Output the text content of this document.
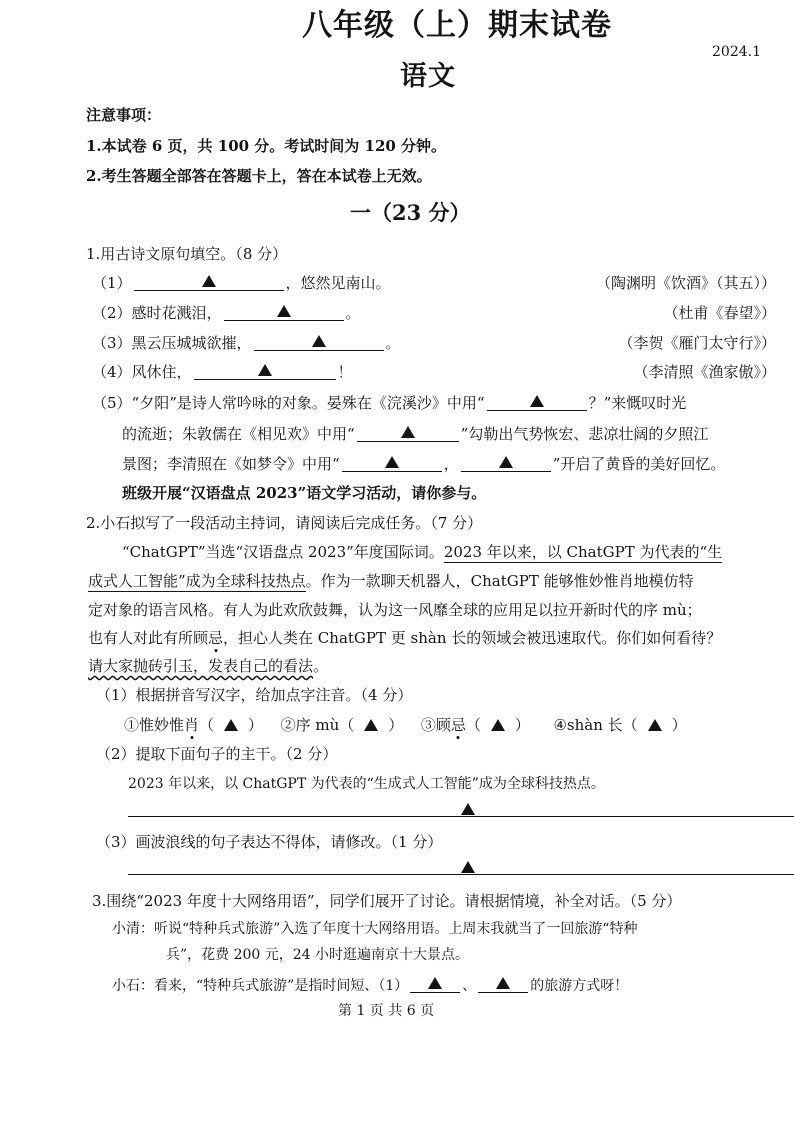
八年级（上）期末试卷
2024.1
语文
注意事项：
1.本试卷 6 页，共 100 分。考试时间为 120 分钟。
2.考生答题全部答在答题卡上，答在本试卷上无效。
一（23 分）
1.用古诗文原句填空。（8 分）
（1）	，悠然见南山。	（陶渊明《饮酒》（其五））
（2）感时花溅泪，	。	（杜甫《春望》）
（3）黑云压城城欲摧，	。	（李贺《雁门太守行》）
（4）风休住，	！	（李清照《渔家傲》）
（5）“夕阳”是诗人常吟咏的对象。晏殊在《浣溪沙》中用“	？”来慨叹时光
的流逝；朱敦儒在《相见欢》中用“	”勾勒出气势恢宏、悲凉壮阔的夕照江
景图；李清照在《如梦令》中用“	，	”开启了黄昏的美好回忆。
班级开展“汉语盘点 2023”语文学习活动，请你参与。
2.小石拟写了一段活动主持词，请阅读后完成任务。（7 分）
“ChatGPT”当选“汉语盘点 2023”年度国际词。2023 年以来，以 ChatGPT 为代表的“生
成式人工智能”成为全球科技热点。作为一款聊天机器人，ChatGPT 能够惟妙惟肖地模仿特
定对象的语言风格。有人为此欢欣鼓舞，认为这一风靡全球的应用足以拉开新时代的序 mù；
也有人对此有所顾忌，担心人类在 ChatGPT 更 shàn 长的领域会被迅速取代。你们如何看待？
请大家抛砖引玉，发表自己的看法。
（1）根据拼音写汉字，给加点字注音。（4 分）
①惟妙惟肖（ ） ②序 mù（ ） ③顾忌（ ） ④shàn 长（ ）
（2）提取下面句子的主干。（2 分）
2023 年以来，以 ChatGPT 为代表的“生成式人工智能”成为全球科技热点。
（3）画波浪线的句子表达不得体，请修改。（1 分）
3.围绕“2023 年度十大网络用语”，同学们展开了讨论。请根据情境，补全对话。（5 分）
小清：听说“特种兵式旅游”入选了年度十大网络用语。上周末我就当了一回旅游“特种
兵”，花费 200 元，24 小时逛遍南京十大景点。
小石：看来，“特种兵式旅游”是指时间短、（1）	、	的旅游方式呀！
第 1 页 共 6 页
